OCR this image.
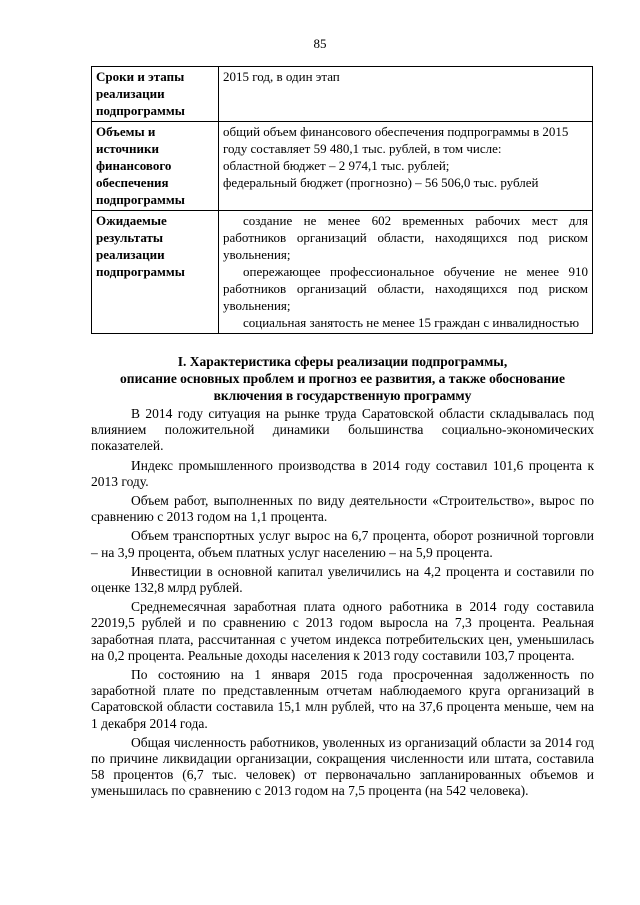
85
Сроки и этапы реализации подпрограммы	2015 год, в один этап

Объемы и источники финансового обеспечения подпрограммы	общий объем финансового обеспечения подпрограммы в 2015 году составляет 59 480,1 тыс. рублей, в том числе:
областной бюджет – 2 974,1 тыс. рублей;
федеральный бюджет (прогнозно) – 56 506,0 тыс. рублей

Ожидаемые результаты реализации подпрограммы	создание не менее 602 временных рабочих мест для работников организаций области, находящихся под риском увольнения;
опережающее профессиональное обучение не менее 910 работников организаций области, находящихся под риском увольнения;
социальная занятость не менее 15 граждан с инвалидностью
I. Характеристика сферы реализации подпрограммы,
описание основных проблем и прогноз ее развития, а также обоснование
включения в государственную программу

В 2014 году ситуация на рынке труда Саратовской области складывалась под влиянием положительной динамики большинства социально-экономических показателей.

Индекс промышленного производства в 2014 году составил 101,6 процента к 2013 году.

Объем работ, выполненных по виду деятельности «Строительство», вырос по сравнению с 2013 годом на 1,1 процента.

Объем транспортных услуг вырос на 6,7 процента, оборот розничной торговли – на 3,9 процента, объем платных услуг населению – на 5,9 процента.

Инвестиции в основной капитал увеличились на 4,2 процента и составили по оценке 132,8 млрд рублей.

Среднемесячная заработная плата одного работника в 2014 году составила 22019,5 рублей и по сравнению с 2013 годом выросла на 7,3 процента. Реальная заработная плата, рассчитанная с учетом индекса потребительских цен, уменьшилась на 0,2 процента. Реальные доходы населения к 2013 году составили 103,7 процента.

По состоянию на 1 января 2015 года просроченная задолженность по заработной плате по представленным отчетам наблюдаемого круга организаций в Саратовской области составила 15,1 млн рублей, что на 37,6 процента меньше, чем на 1 декабря 2014 года.

Общая численность работников, уволенных из организаций области за 2014 год по причине ликвидации организации, сокращения численности или штата, составила 58 процентов (6,7 тыс. человек) от первоначально запланированных объемов и уменьшилась по сравнению с 2013 годом на 7,5 процента (на 542 человека).
